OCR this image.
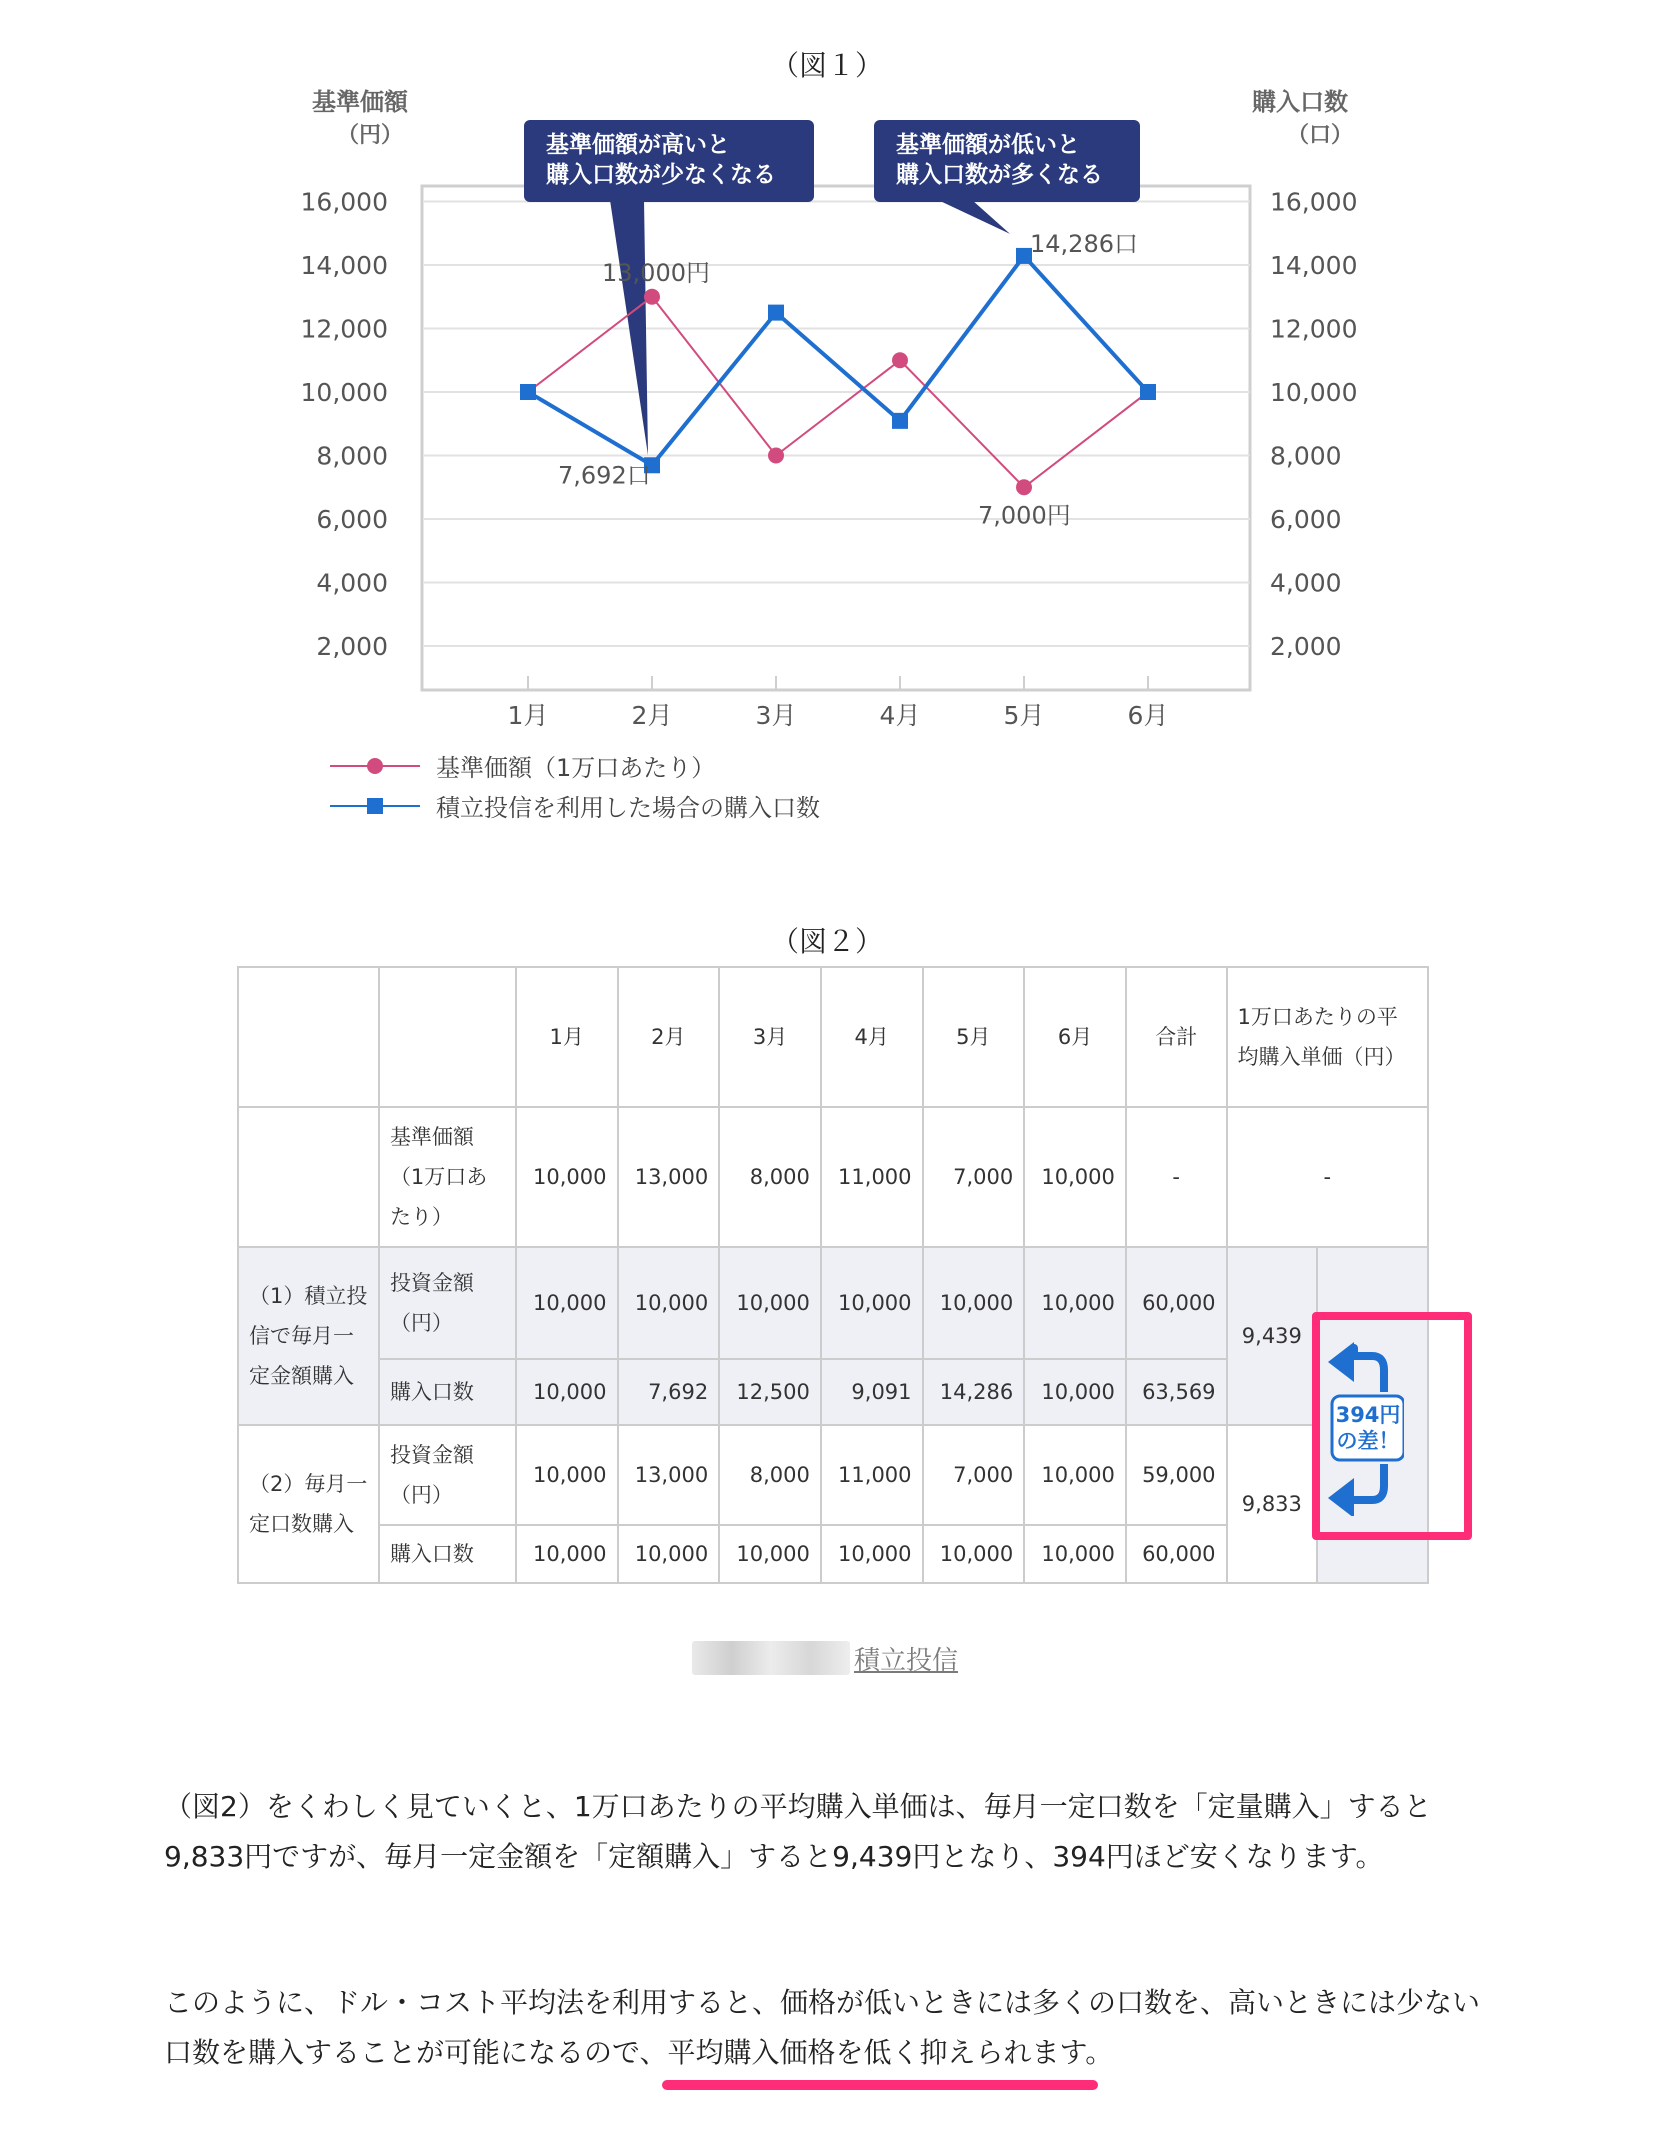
（図１）
2,000	2,000
4,000	4,000
6,000	6,000
8,000	8,000
10,000	10,000
12,000	12,000
14,000	14,000
16,000	16,000
1月	2月	3月	4月	5月	6月
基準価額
（円）
購入口数
（口）
基準価額が高いと
購入口数が少なくなる
基準価額が低いと
購入口数が多くなる
13,000円
7,000円
7,692口
14,286口
基準価額（1万口あたり）
積立投信を利用した場合の購入口数
（図２）
		1月	2月	3月	4月	5月	6月	合計	1万口あたりの平均購入単価（円）	
	基準価額（1万口あたり）	10,000	13,000	8,000	11,000	7,000	10,000	-	-	
（1）積立投信で毎月一定金額購入	投資金額（円）	10,000	10,000	10,000	10,000	10,000	10,000	60,000	9,439	
	購入口数	10,000	7,692	12,500	9,091	14,286	10,000	63,569		
（2）毎月一定口数購入	投資金額（円）	10,000	13,000	8,000	11,000	7,000	10,000	59,000	9,833	
	購入口数	10,000	10,000	10,000	10,000	10,000	10,000	60,000		
394円
の差！
積立投信

（図2）をくわしく見ていくと、1万口あたりの平均購入単価は、毎月一定口数を「定量購入」すると
9,833円ですが、毎月一定金額を「定額購入」すると9,439円となり、394円ほど安くなります。

このように、ドル・コスト平均法を利用すると、価格が低いときには多くの口数を、高いときには少ない
口数を購入することが可能になるので、平均購入価格を低く抑えられます。
